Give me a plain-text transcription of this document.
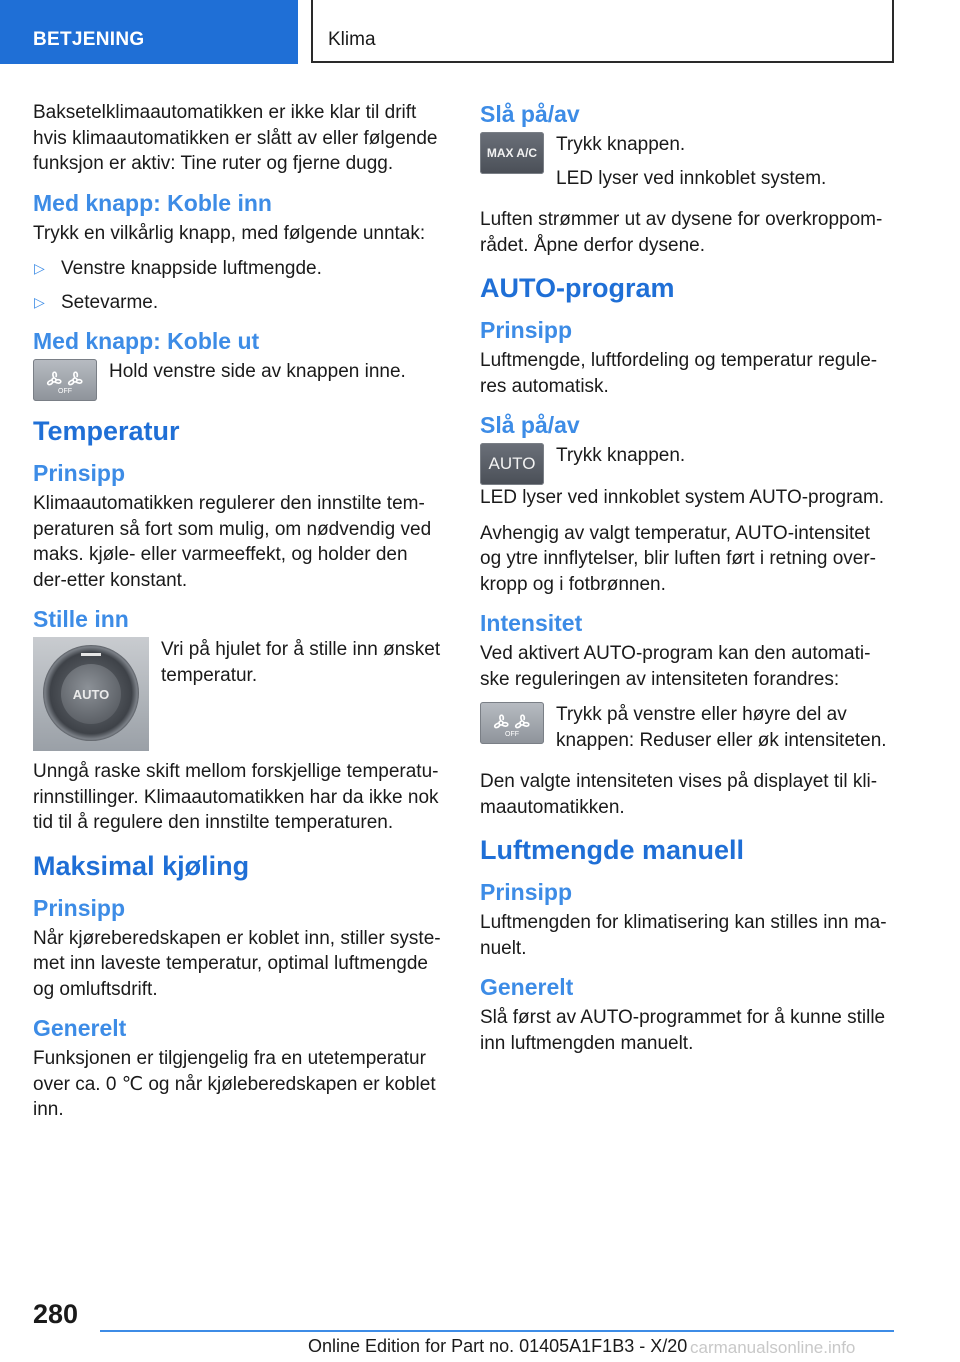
BETJENING	Klima

Baksetelklimaautomatikken er ikke klar til drift hvis klimaautomatikken er slått av eller følgende funksjon er aktiv: Tine ruter og fjerne dugg.

Med knapp: Koble inn

Trykk en vilkårlig knapp, med følgende unntak:

▷ Venstre knappside luftmengde.
▷ Setevarme.
Med knapp: Koble ut
OFF

Hold venstre side av knappen inne.

Temperatur
Prinsipp

Klimaautomatikken regulerer den innstilte tem-peraturen så fort som mulig, om nødvendig ved maks. kjøle- eller varmeeffekt, og holder den der-etter konstant.

Stille inn
AUTO

Vri på hjulet for å stille inn ønsket temperatur.

Unngå raske skift mellom forskjellige temperatu-rinnstillinger. Klimaautomatikken har da ikke nok tid til å regulere den innstilte temperaturen.

Maksimal kjøling
Prinsipp

Når kjøreberedskapen er koblet inn, stiller syste-met inn laveste temperatur, optimal luftmengde og omluftsdrift.

Generelt

Funksjonen er tilgjengelig fra en utetemperatur over ca. 0 ℃ og når kjøleberedskapen er koblet inn.

Slå på/av
MAX A/C Trykk knappen.

LED lyser ved innkoblet system.

Luften strømmer ut av dysene for overkroppom-rådet. Åpne derfor dysene.

AUTO-program
Prinsipp

Luftmengde, luftfordeling og temperatur regule-res automatisk.

Slå på/av
AUTO Trykk knappen.

LED lyser ved innkoblet system AUTO-program.

Avhengig av valgt temperatur, AUTO-intensitet og ytre innflytelser, blir luften ført i retning over-kropp og i fotbrønnen.

Intensitet

Ved aktivert AUTO-program kan den automati-ske reguleringen av intensiteten forandres:

OFF

Trykk på venstre eller høyre del av knappen: Reduser eller øk intensiteten.

Den valgte intensiteten vises på displayet til kli-maautomatikken.

Luftmengde manuell
Prinsipp

Luftmengden for klimatisering kan stilles inn ma-nuelt.

Generelt

Slå først av AUTO-programmet for å kunne stille inn luftmengden manuelt.

280
Online Edition for Part no. 01405A1F1B3 - X/20 carmanualsonline.info
